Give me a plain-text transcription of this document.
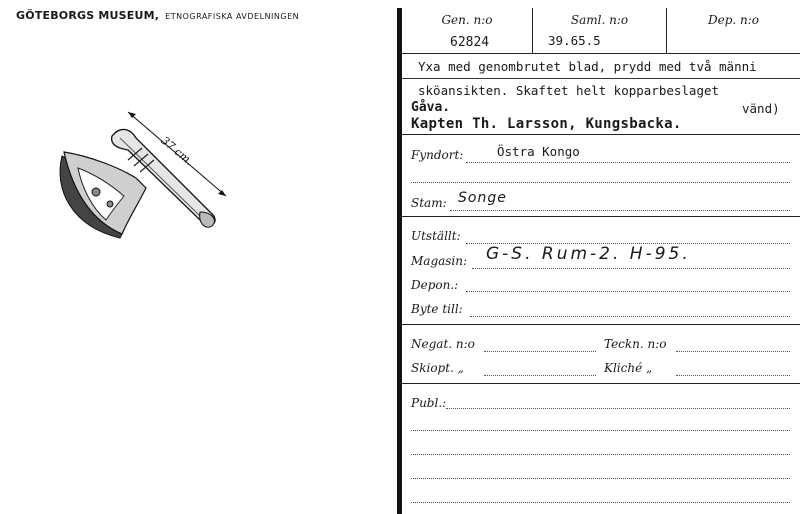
GÖTEBORGS MUSEUM, ETNOGRAFISKA AVDELNINGEN
37 cm.
Gen. n:o	Saml. n:o	Dep. n:o
62824	39.65.5
Yxa med genombrutet blad, prydd med två männi
sköansikten. Skaftet helt kopparbeslaget
vänd)
Gåva.
Kapten Th. Larsson, Kungsbacka.
Fyndort:	Östra Kongo
Stam: Songe
Utställt:
Magasin: G-S. Rum-2. H-95.
Depon.:
Byte till:
Negat. n:o	Teckn. n:o
Skiopt. „	Kliché „
Publ.:
